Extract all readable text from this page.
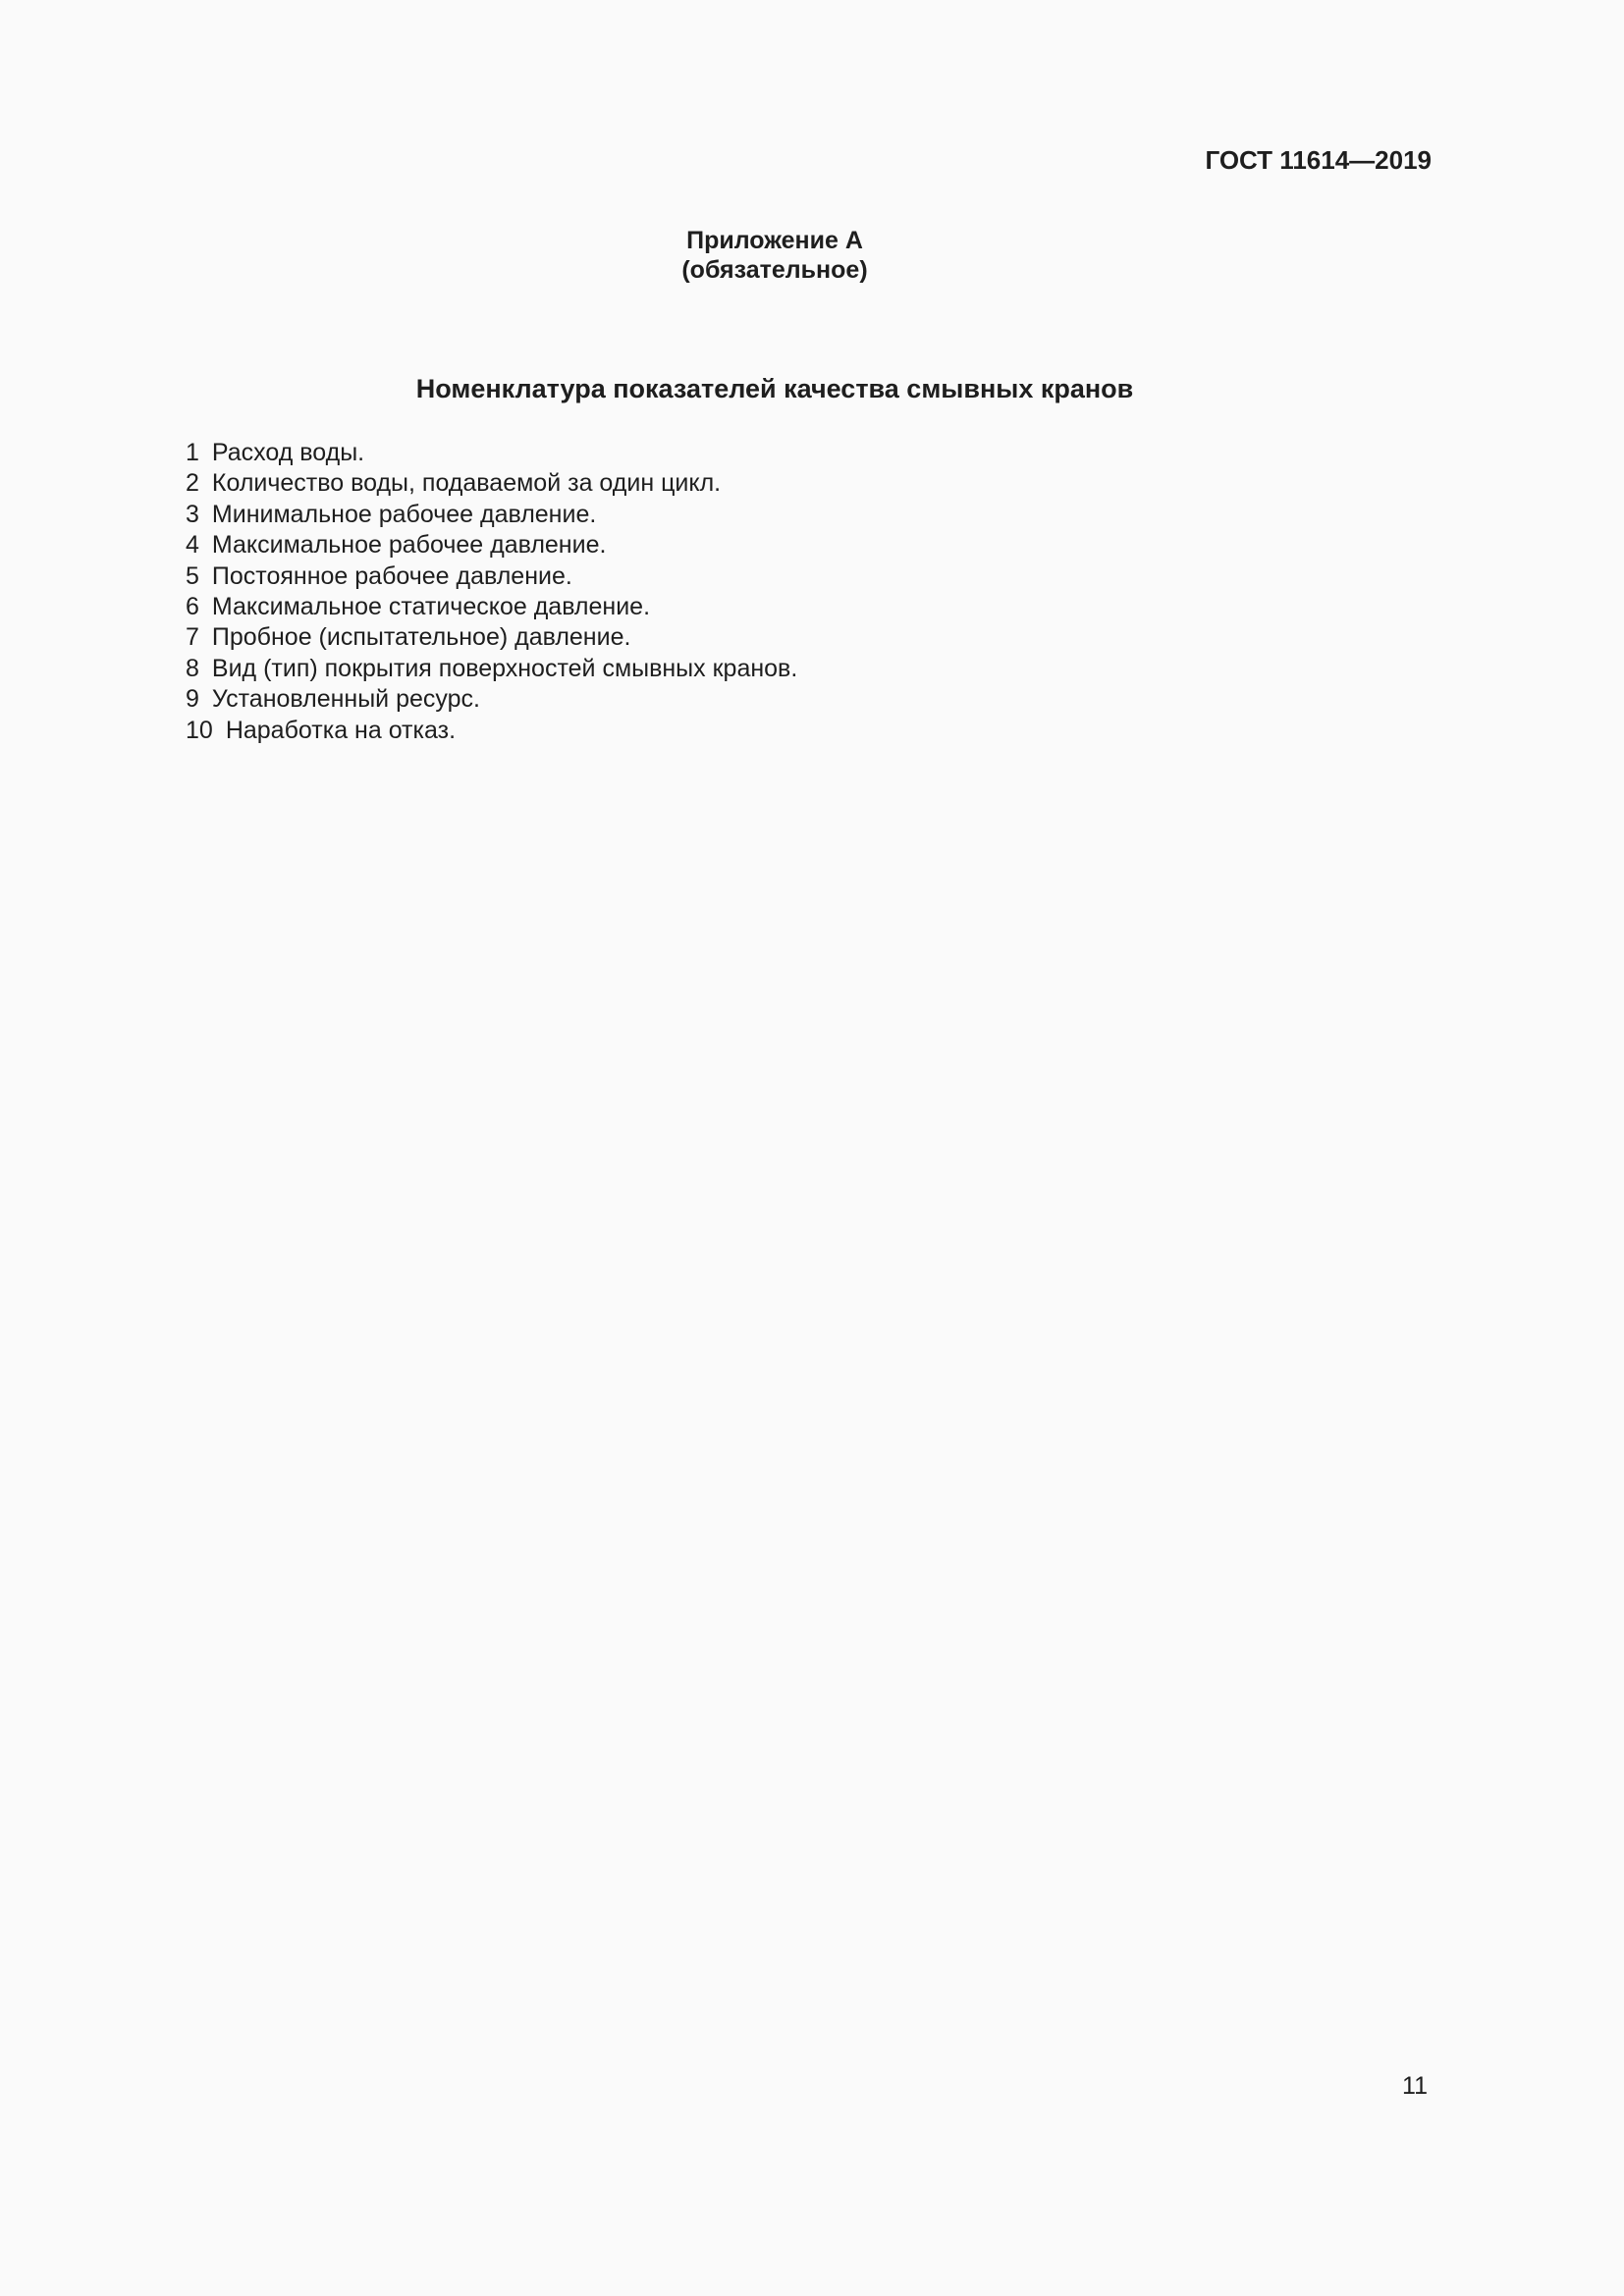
ГОСТ 11614—2019
Приложение А
(обязательное)
Номенклатура показателей качества смывных кранов
1 Расход воды.
2 Количество воды, подаваемой за один цикл.
3 Минимальное рабочее давление.
4 Максимальное рабочее давление.
5 Постоянное рабочее давление.
6 Максимальное статическое давление.
7 Пробное (испытательное) давление.
8 Вид (тип) покрытия поверхностей смывных кранов.
9 Установленный ресурс.
10 Наработка на отказ.
11
